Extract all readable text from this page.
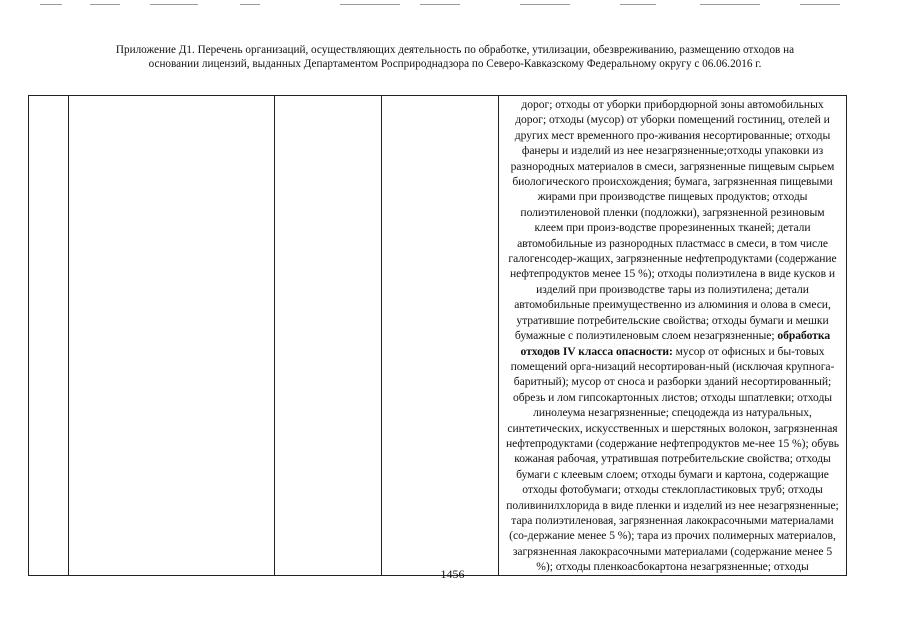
Приложение Д1. Перечень организаций, осуществляющих деятельность по обработке, утилизации, обезвреживанию, размещению отходов на
основании лицензий, выданных Департаментом Росприроднадзора по Северо-Кавказскому Федеральному округу с 06.06.2016 г.

дорог; отходы от уборки прибордюрной зоны автомобильных дорог; отходы (мусор) от уборки помещений гостиниц, отелей и других мест временного про-живания несортированные; отходы фанеры и изделий из нее незагрязненные;отходы упаковки из разнородных материалов в смеси, загрязненные пищевым сырьем биологического происхождения; бумага, загрязненная пищевыми жирами при производстве пищевых продуктов; отходы полиэтиленовой пленки (подложки), загрязненной резиновым клеем при произ-водстве прорезиненных тканей; детали автомобильные из разнородных пластмасс в смеси, в том числе галогенсодер-жащих, загрязненные нефтепродуктами (содержание нефтепродуктов менее 15 %); отходы полиэтилена в виде кусков и изделий при производстве тары из полиэтилена; детали автомобильные преимущественно из алюминия и олова в смеси, утратившие потребительские свойства; отходы бумаги и мешки бумажные с полиэтиленовым слоем незагрязненные; обработка отходов IV класса опасности: мусор от офисных и бы-товых помещений орга-низаций несортирован-ный (исключая крупнога-баритный); мусор от сноса и разборки зданий несортированный; обрезь и лом гипсокартонных листов; отходы шпатлевки; отходы линолеума незагрязненные; спецодежда из натуральных, синтетических, искусственных и шерстяных волокон, загрязненная нефтепродуктами (содержание нефтепродуктов ме-нее 15 %); обувь кожаная рабочая, утратившая потребительские свойства; отходы бумаги с клеевым слоем; отходы бумаги и картона, содержащие отходы фотобумаги; отходы стеклопластиковых труб; отходы поливинилхлорида в виде пленки и изделий из нее незагрязненные; тара полиэтиленовая, загрязненная лакокрасочными материалами (со-держание менее 5 %); тара из прочих полимерных материалов, загрязненная лакокрасочными материалами (содержание менее 5 %); отходы пленкоасбокартона незагрязненные; отходы
1456
